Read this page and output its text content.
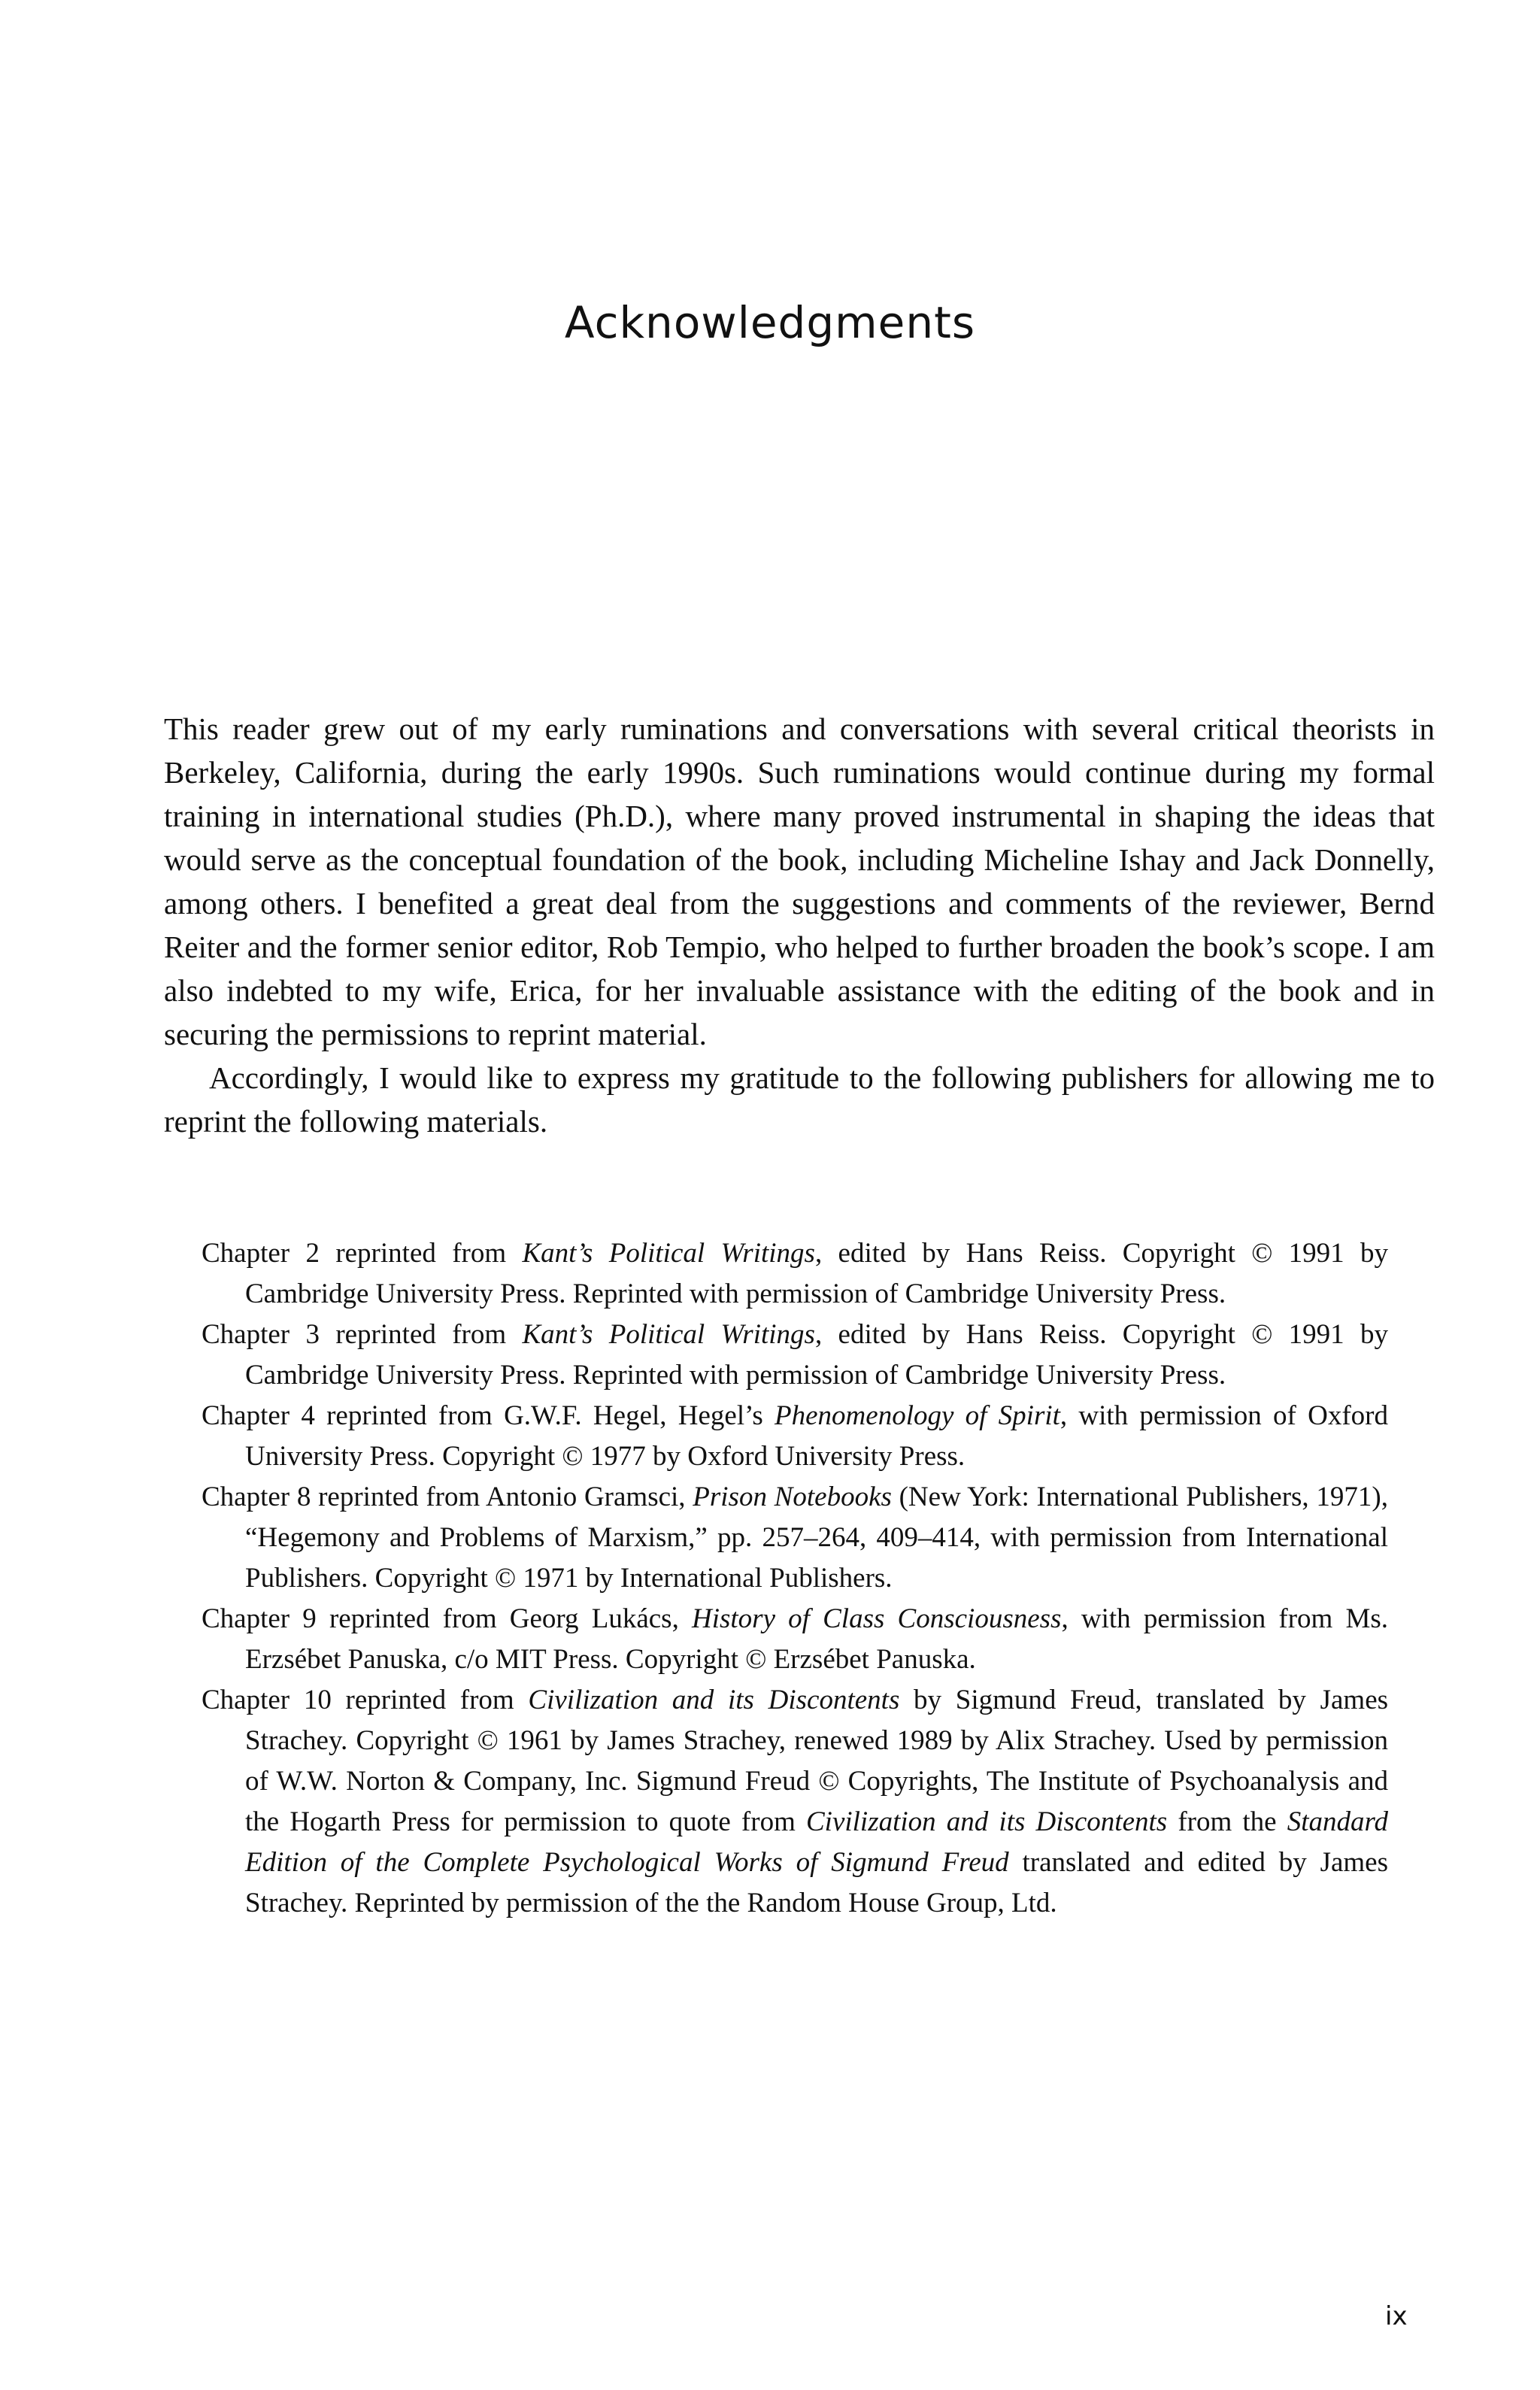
Acknowledgments

This reader grew out of my early ruminations and conversations with several critical theorists in Berkeley, California, during the early 1990s. Such ruminations would continue during my formal training in international studies (Ph.D.), where many proved instrumental in shaping the ideas that would serve as the conceptual foundation of the book, including Micheline Ishay and Jack Donnelly, among others. I benefited a great deal from the suggestions and comments of the reviewer, Bernd Reiter and the former senior editor, Rob Tempio, who helped to further broaden the book’s scope. I am also indebted to my wife, Erica, for her invaluable assistance with the editing of the book and in securing the permissions to reprint material.

Accordingly, I would like to express my gratitude to the following publishers for allowing me to reprint the following materials.

Chapter 2 reprinted from Kant’s Political Writings, edited by Hans Reiss. Copyright © 1991 by Cambridge University Press. Reprinted with permission of Cambridge University Press.

Chapter 3 reprinted from Kant’s Political Writings, edited by Hans Reiss. Copyright © 1991 by Cambridge University Press. Reprinted with permission of Cambridge University Press.

Chapter 4 reprinted from G.W.F. Hegel, Hegel’s Phenomenology of Spirit, with permission of Oxford University Press. Copyright © 1977 by Oxford University Press.

Chapter 8 reprinted from Antonio Gramsci, Prison Notebooks (New York: International Publishers, 1971), “Hegemony and Problems of Marxism,” pp. 257–264, 409–414, with permission from International Publishers. Copyright © 1971 by International Publishers.

Chapter 9 reprinted from Georg Lukács, History of Class Consciousness, with permission from Ms. Erzsébet Panuska, c/o MIT Press. Copyright © Erzsébet Panuska.

Chapter 10 reprinted from Civilization and its Discontents by Sigmund Freud, translated by James Strachey. Copyright © 1961 by James Strachey, renewed 1989 by Alix Strachey. Used by permission of W.W. Norton & Company, Inc. Sigmund Freud © Copyrights, The Institute of Psychoanalysis and the Hogarth Press for permission to quote from Civilization and its Discontents from the Standard Edition of the Complete Psychological Works of Sigmund Freud translated and edited by James Strachey. Reprinted by permission of the the Random House Group, Ltd.

ix
